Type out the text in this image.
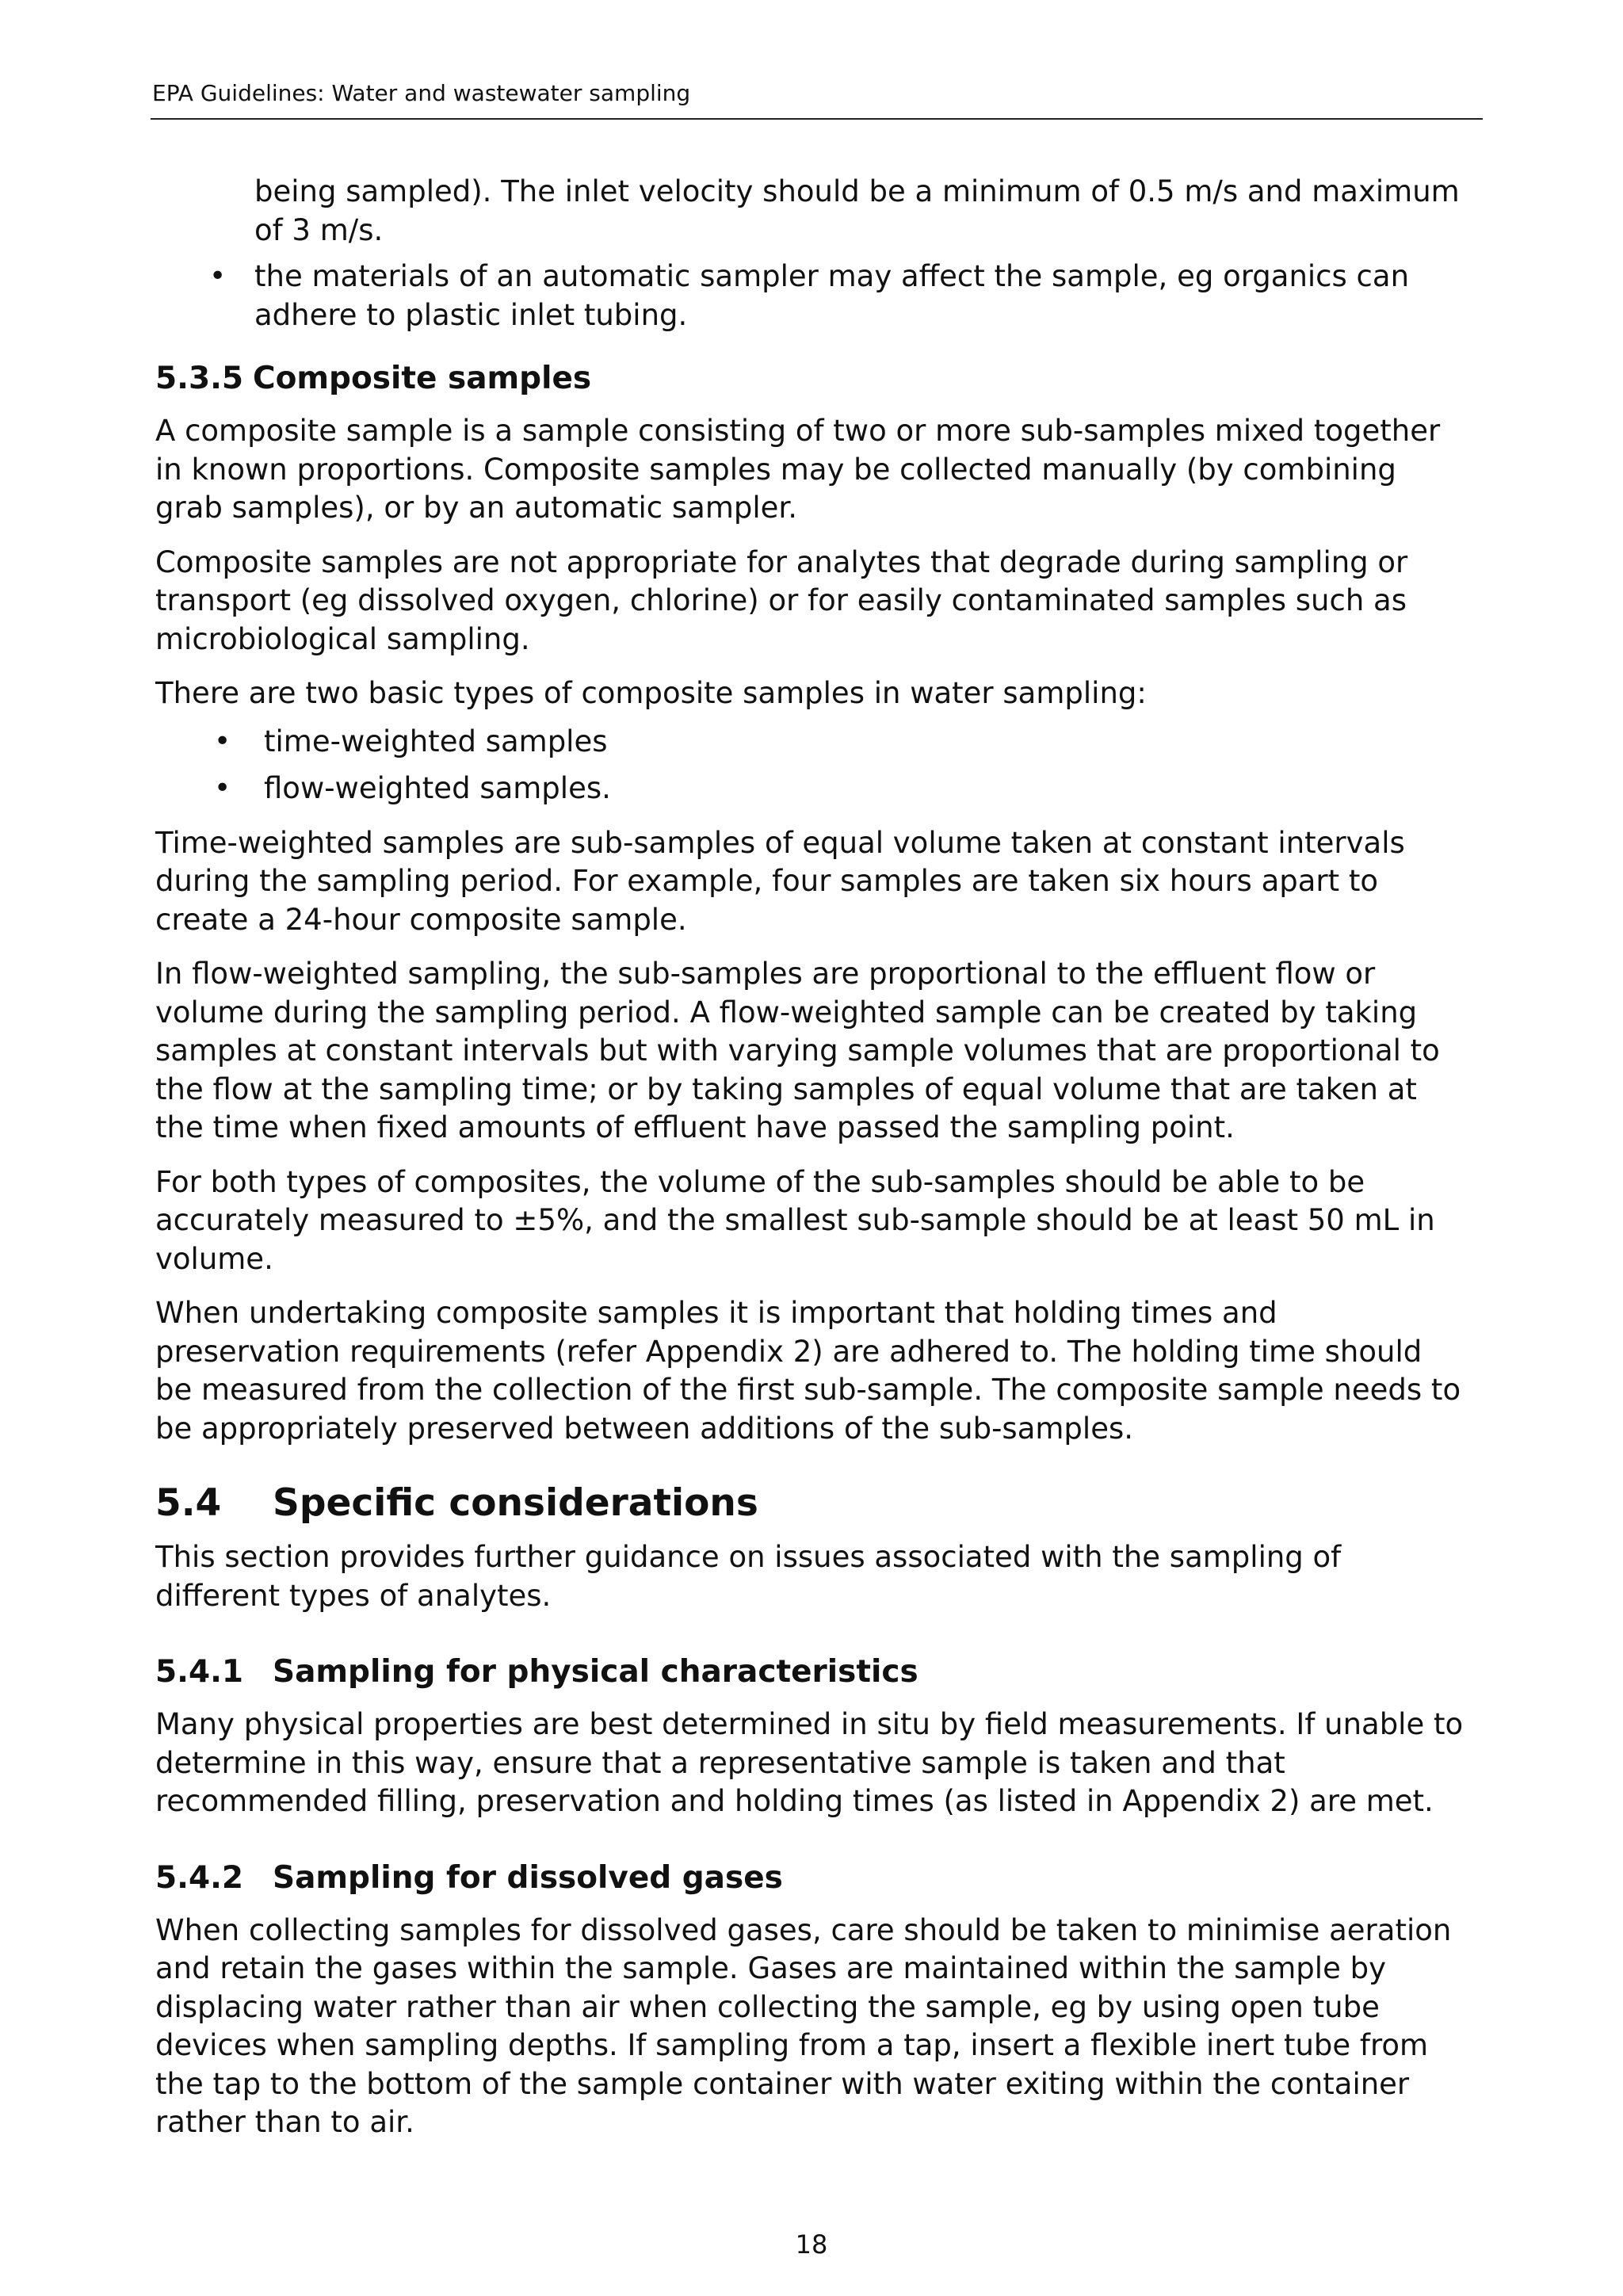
EPA Guidelines: Water and wastewater sampling

being sampled). The inlet velocity should be a minimum of 0.5 m/s and maximum of 3 m/s.

• the materials of an automatic sampler may affect the sample, eg organics can adhere to plastic inlet tubing.
5.3.5 Composite samples

A composite sample is a sample consisting of two or more sub-samples mixed together in known proportions. Composite samples may be collected manually (by combining grab samples), or by an automatic sampler.

Composite samples are not appropriate for analytes that degrade during sampling or transport (eg dissolved oxygen, chlorine) or for easily contaminated samples such as microbiological sampling.

There are two basic types of composite samples in water sampling:

• time-weighted samples
• flow-weighted samples.

Time-weighted samples are sub-samples of equal volume taken at constant intervals during the sampling period. For example, four samples are taken six hours apart to create a 24-hour composite sample.

In flow-weighted sampling, the sub-samples are proportional to the effluent flow or volume during the sampling period. A flow-weighted sample can be created by taking samples at constant intervals but with varying sample volumes that are proportional to the flow at the sampling time; or by taking samples of equal volume that are taken at the time when fixed amounts of effluent have passed the sampling point.

For both types of composites, the volume of the sub-samples should be able to be accurately measured to ±5%, and the smallest sub-sample should be at least 50 mL in volume.

When undertaking composite samples it is important that holding times and preservation requirements (refer Appendix 2) are adhered to. The holding time should be measured from the collection of the first sub-sample. The composite sample needs to be appropriately preserved between additions of the sub-samples.

5.4 Specific considerations

This section provides further guidance on issues associated with the sampling of different types of analytes.

5.4.1 Sampling for physical characteristics

Many physical properties are best determined in situ by field measurements. If unable to determine in this way, ensure that a representative sample is taken and that recommended filling, preservation and holding times (as listed in Appendix 2) are met.

5.4.2 Sampling for dissolved gases

When collecting samples for dissolved gases, care should be taken to minimise aeration and retain the gases within the sample. Gases are maintained within the sample by displacing water rather than air when collecting the sample, eg by using open tube devices when sampling depths. If sampling from a tap, insert a flexible inert tube from the tap to the bottom of the sample container with water exiting within the container rather than to air.

18
